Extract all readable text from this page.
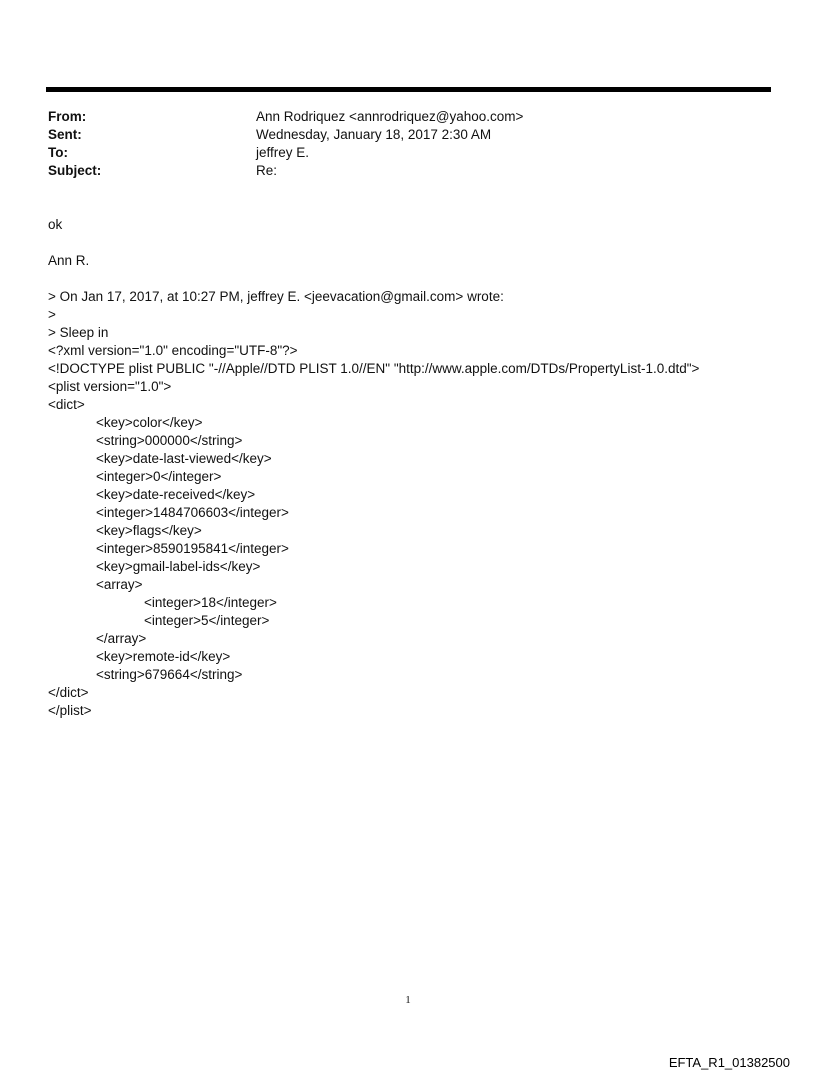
From:	Ann Rodriquez <annrodriquez@yahoo.com>
Sent:	Wednesday, January 18, 2017 2:30 AM
To:	jeffrey E.
Subject:	Re:
ok
Ann R.
> On Jan 17, 2017, at 10:27 PM, jeffrey E. <jeevacation@gmail.com> wrote:
>
> Sleep in
<?xml version="1.0" encoding="UTF-8"?>
<!DOCTYPE plist PUBLIC "-//Apple//DTD PLIST 1.0//EN" "http://www.apple.com/DTDs/PropertyList-1.0.dtd">
<plist version="1.0">
<dict>
<key>color</key>
<string>000000</string>
<key>date-last-viewed</key>
<integer>0</integer>
<key>date-received</key>
<integer>1484706603</integer>
<key>flags</key>
<integer>8590195841</integer>
<key>gmail-label-ids</key>
<array>
<integer>18</integer>
<integer>5</integer>
</array>
<key>remote-id</key>
<string>679664</string>
</dict>
</plist>
1
EFTA_R1_01382500
